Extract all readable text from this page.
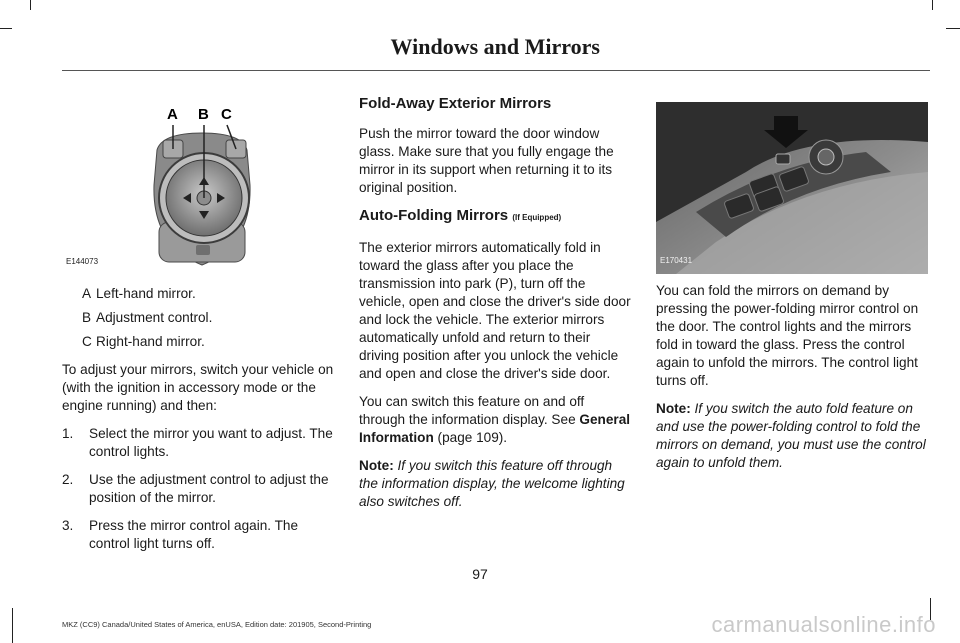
Windows and Mirrors
A B C
E144073
A Left-hand mirror.
B Adjustment control.
C Right-hand mirror.

To adjust your mirrors, switch your vehicle on (with the ignition in accessory mode or the engine running) and then:

1.	Select the mirror you want to adjust. The control lights.
2.	Use the adjustment control to adjust the position of the mirror.
3.	Press the mirror control again. The control light turns off.
Fold-Away Exterior Mirrors

Push the mirror toward the door window glass. Make sure that you fully engage the mirror in its support when returning it to its original position.

Auto-Folding Mirrors (If Equipped)

The exterior mirrors automatically fold in toward the glass after you place the transmission into park (P), turn off the vehicle, open and close the driver's side door and lock the vehicle. The exterior mirrors automatically unfold and return to their driving position after you unlock the vehicle and open and close the driver's side door.

You can switch this feature on and off through the information display. See General Information (page 109).

Note: If you switch this feature off through the information display, the welcome lighting also switches off.

E170431

You can fold the mirrors on demand by pressing the power-folding mirror control on the door. The control lights and the mirrors fold in toward the glass. Press the control again to unfold the mirrors. The control light turns off.

Note: If you switch the auto fold feature on and use the power-folding control to fold the mirrors on demand, you must use the control again to unfold them.

97
MKZ (CC9) Canada/United States of America, enUSA, Edition date: 201905, Second-Printing	carmanualsonline.info
